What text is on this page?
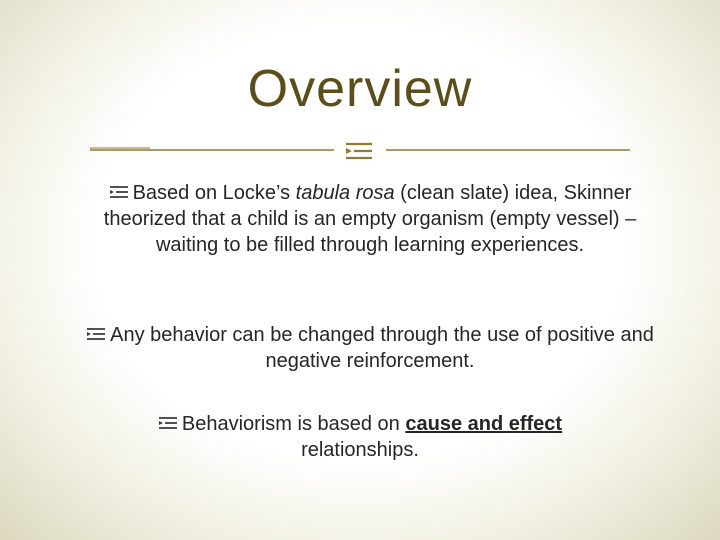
Overview
Based on Locke’s tabula rosa (clean slate) idea, Skinner theorized that a child is an empty organism (empty vessel) – waiting to be filled through learning experiences.
Any behavior can be changed through the use of positive and negative reinforcement.
Behaviorism is based on cause and effect relationships.
